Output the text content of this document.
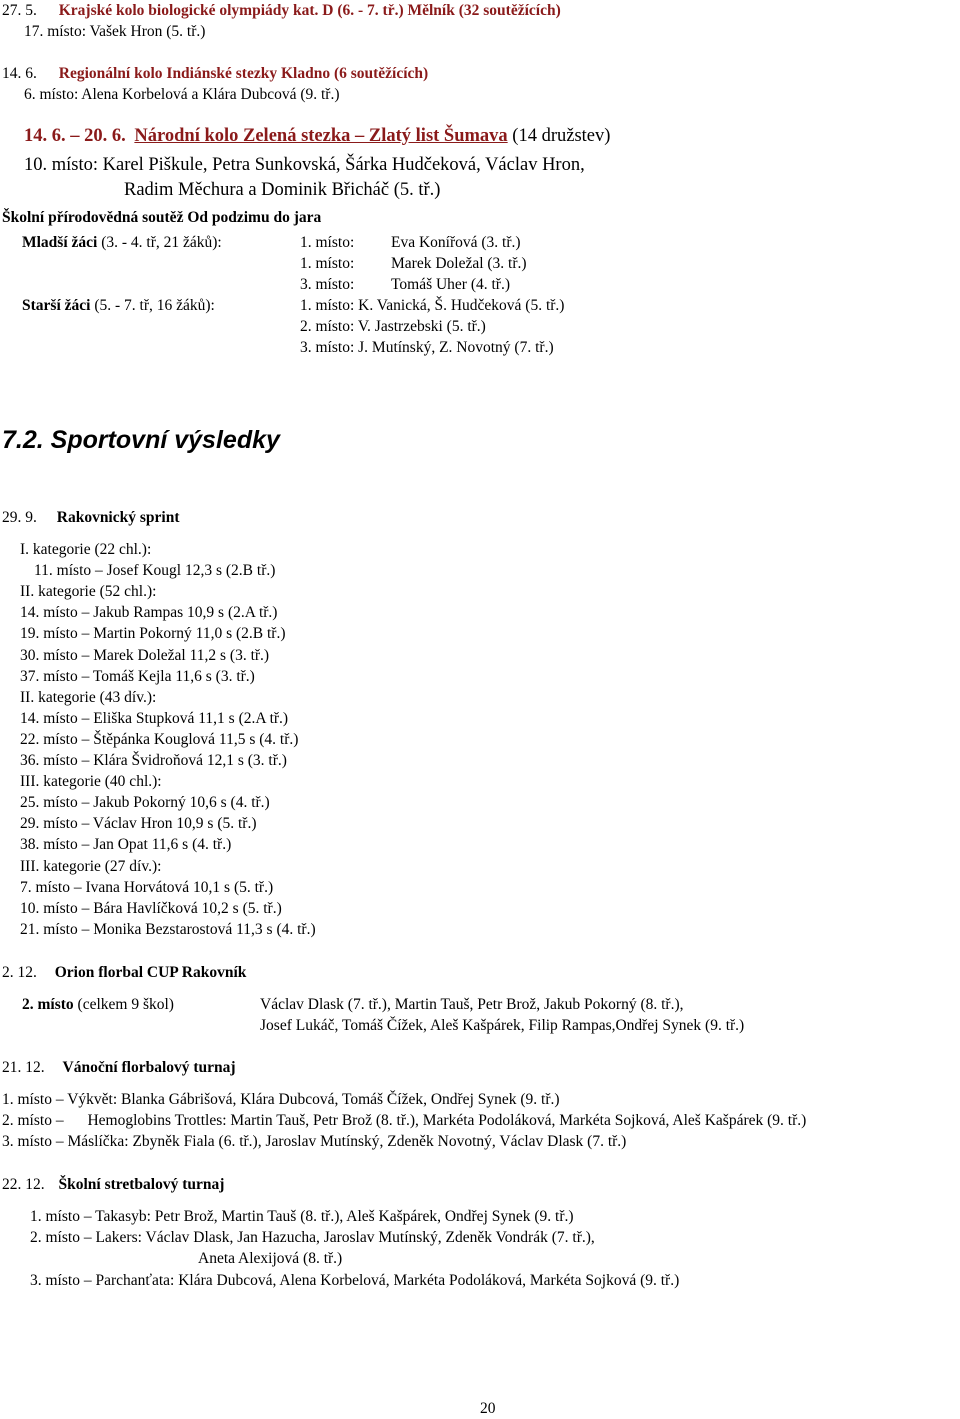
27. 5. Krajské kolo biologické olympiády kat. D (6. - 7. tř.) Mělník (32 soutěžících)
17. místo: Vašek Hron (5. tř.)
14. 6. Regionální kolo Indiánské stezky Kladno (6 soutěžících)
6. místo: Alena Korbelová a Klára Dubcová (9. tř.)
14. 6. – 20. 6. Národní kolo Zelená stezka – Zlatý list Šumava (14 družstev)
10. místo: Karel Piškule, Petra Sunkovská, Šárka Hudčeková, Václav Hron,
Radim Měchura a Dominik Břicháč (5. tř.)
Školní přírodovědná soutěž Od podzimu do jara
Mladší žáci (3. - 4. tř, 21 žáků):	1. místo: Eva Konířová (3. tř.)
1. místo: Marek Doležal (3. tř.)
3. místo: Tomáš Uher (4. tř.)
Starší žáci (5. - 7. tř, 16 žáků):	1. místo: K. Vanická, Š. Hudčeková (5. tř.)
2. místo: V. Jastrzebski (5. tř.)
3. místo: J. Mutínský, Z. Novotný (7. tř.)
7.2. Sportovní výsledky
29. 9. Rakovnický sprint
I. kategorie (22 chl.):
11. místo – Josef Kougl 12,3 s (2.B tř.)
II. kategorie (52 chl.):
14. místo – Jakub Rampas 10,9 s (2.A tř.)
19. místo – Martin Pokorný 11,0 s (2.B tř.)
30. místo – Marek Doležal 11,2 s (3. tř.)
37. místo – Tomáš Kejla 11,6 s (3. tř.)
II. kategorie (43 dív.):
14. místo – Eliška Stupková 11,1 s (2.A tř.)
22. místo – Štěpánka Kouglová 11,5 s (4. tř.)
36. místo – Klára Švidroňová 12,1 s (3. tř.)
III. kategorie (40 chl.):
25. místo – Jakub Pokorný 10,6 s (4. tř.)
29. místo – Václav Hron 10,9 s (5. tř.)
38. místo – Jan Opat 11,6 s (4. tř.)
III. kategorie (27 dív.):
7. místo – Ivana Horvátová 10,1 s (5. tř.)
10. místo – Bára Havlíčková 10,2 s (5. tř.)
21. místo – Monika Bezstarostová 11,3 s (4. tř.)
2. 12. Orion florbal CUP Rakovník
2. místo (celkem 9 škol)	Václav Dlask (7. tř.), Martin Tauš, Petr Brož, Jakub Pokorný (8. tř.),
Josef Lukáč, Tomáš Čížek, Aleš Kašpárek, Filip Rampas,Ondřej Synek (9. tř.)
21. 12. Vánoční florbalový turnaj
1. místo – Výkvět: Blanka Gábrišová, Klára Dubcová, Tomáš Čížek, Ondřej Synek (9. tř.)
2. místo – Hemoglobins Trottles: Martin Tauš, Petr Brož (8. tř.), Markéta Podoláková, Markéta Sojková, Aleš Kašpárek (9. tř.)
3. místo – Máslíčka: Zbyněk Fiala (6. tř.), Jaroslav Mutínský, Zdeněk Novotný, Václav Dlask (7. tř.)
22. 12. Školní stretbalový turnaj
1. místo – Takasyb: Petr Brož, Martin Tauš (8. tř.), Aleš Kašpárek, Ondřej Synek (9. tř.)
2. místo – Lakers: Václav Dlask, Jan Hazucha, Jaroslav Mutínský, Zdeněk Vondrák (7. tř.),
Aneta Alexijová (8. tř.)
3. místo – Parchanťata: Klára Dubcová, Alena Korbelová, Markéta Podoláková, Markéta Sojková (9. tř.)
20
